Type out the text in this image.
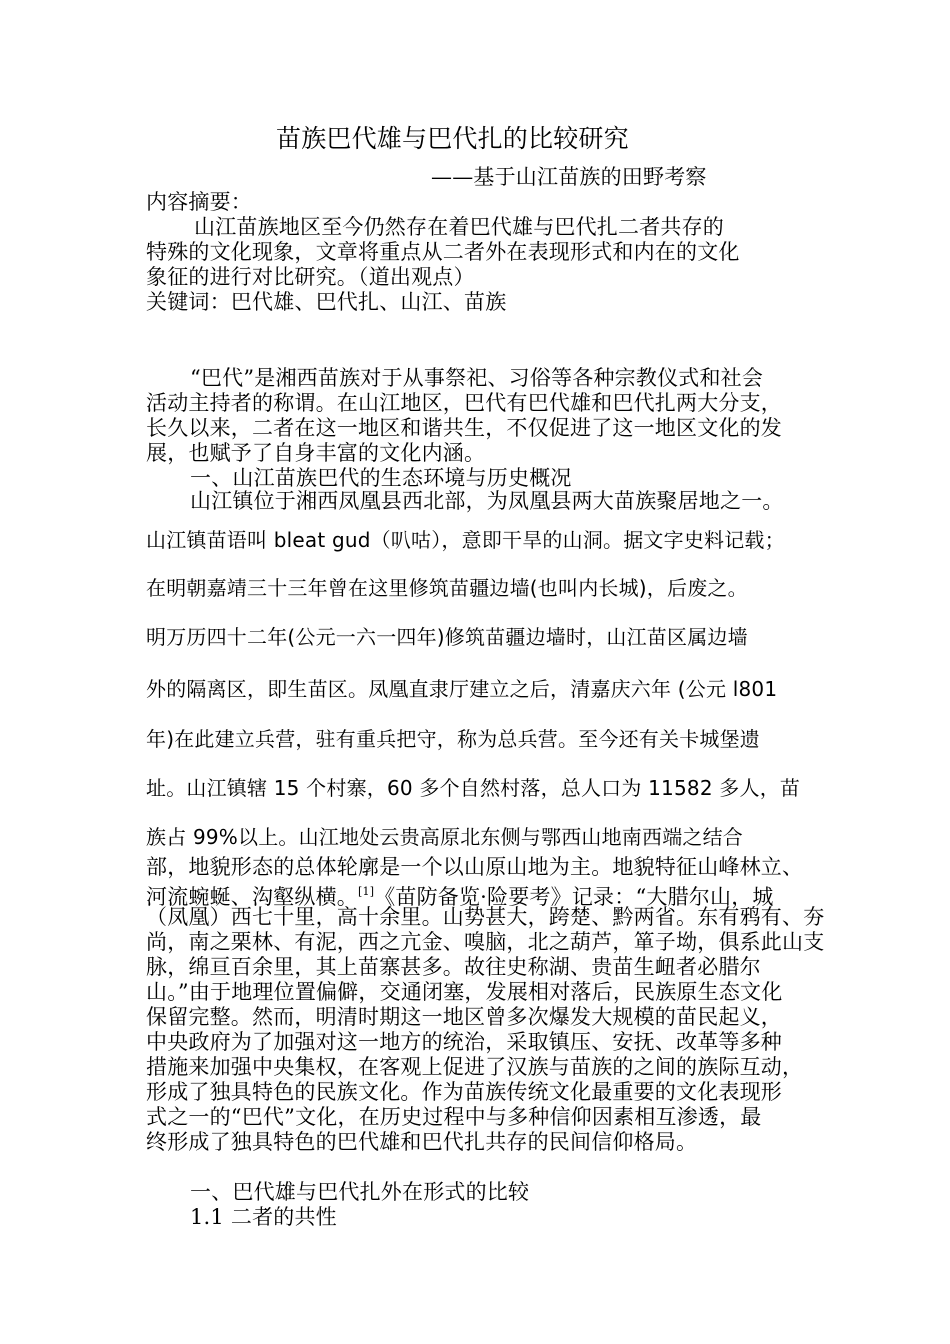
苗族巴代雄与巴代扎的比较研究
——基于山江苗族的田野考察
内容摘要：
山江苗族地区至今仍然存在着巴代雄与巴代扎二者共存的
特殊的文化现象，文章将重点从二者外在表现形式和内在的文化
象征的进行对比研究。（道出观点）
关键词：巴代雄、巴代扎、山江、苗族
“巴代”是湘西苗族对于从事祭祀、习俗等各种宗教仪式和社会
活动主持者的称谓。在山江地区，巴代有巴代雄和巴代扎两大分支，
长久以来，二者在这一地区和谐共生，不仅促进了这一地区文化的发
展，也赋予了自身丰富的文化内涵。
一、山江苗族巴代的生态环境与历史概况
山江镇位于湘西凤凰县西北部，为凤凰县两大苗族聚居地之一。
山江镇苗语叫 bleat gud（叭咕），意即干旱的山洞。据文字史料记载；
在明朝嘉靖三十三年曾在这里修筑苗疆边墙(也叫内长城)，后废之。
明万历四十二年(公元一六一四年)修筑苗疆边墙时，山江苗区属边墙
外的隔离区，即生苗区。凤凰直隶厅建立之后，清嘉庆六年 (公元 l801
年)在此建立兵营，驻有重兵把守，称为总兵营。至今还有关卡城堡遗
址。山江镇辖 15 个村寨，60 多个自然村落，总人口为 11582 多人，苗
族占 99%以上。山江地处云贵高原北东侧与鄂西山地南西端之结合
部，地貌形态的总体轮廓是一个以山原山地为主。地貌特征山峰林立、
河流蜿蜒、沟壑纵横。[1]《苗防备览·险要考》记录：“大腊尔山，城
（凤凰）西七十里，高十余里。山势甚大，跨楚、黔两省。东有鸦有、夯
尚，南之栗林、有泥，西之亢金、嗅脑，北之葫芦，箪子坳，俱系此山支
脉，绵亘百余里，其上苗寨甚多。故往史称湖、贵苗生衄者必腊尔
山。”由于地理位置偏僻，交通闭塞，发展相对落后，民族原生态文化
保留完整。然而，明清时期这一地区曾多次爆发大规模的苗民起义，
中央政府为了加强对这一地方的统治，采取镇压、安抚、改革等多种
措施来加强中央集权，在客观上促进了汉族与苗族的之间的族际互动，
形成了独具特色的民族文化。作为苗族传统文化最重要的文化表现形
式之一的“巴代”文化，在历史过程中与多种信仰因素相互渗透，最
终形成了独具特色的巴代雄和巴代扎共存的民间信仰格局。
一、巴代雄与巴代扎外在形式的比较
1.1 二者的共性
